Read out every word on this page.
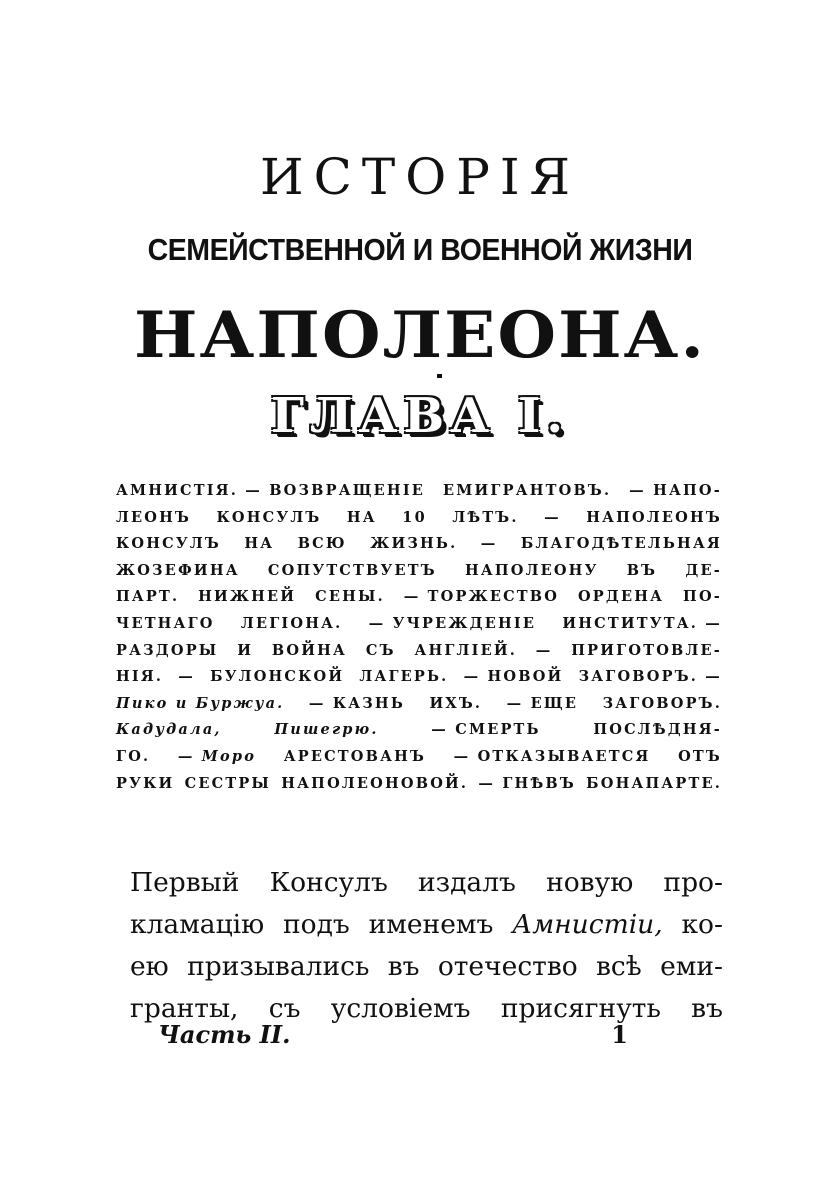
ИСТОРІЯ
СЕМЕЙСТВЕННОЙ И ВОЕННОЙ ЖИЗНИ
НАПОЛЕОНА.
ГЛАВА I.
АМНИСТІЯ. — ВОЗВРАЩЕНІЕ ЕМИГРАНТОВЪ. — НАПО-
ЛЕОНЪ КОНСУЛЪ НА 10 ЛѢТЪ. — НАПОЛЕОНЪ
КОНСУЛЪ НА ВСЮ ЖИЗНЬ. — БЛАГОДѢТЕЛЬНАЯ
ЖОЗЕФИНА СОПУТСТВУЕТЪ НАПОЛЕОНУ ВЪ ДЕ-
ПАРТ. НИЖНЕЙ СЕНЫ. — ТОРЖЕСТВО ОРДЕНА ПО-
ЧЕТНАГО ЛЕГІОНА. — УЧРЕЖДЕНІЕ ИНСТИТУТА. —
РАЗДОРЫ И ВОЙНА СЪ АНГЛІЕЙ. — ПРИГОТОВЛЕ-
НІЯ. — БУЛОНСКОЙ ЛАГЕРЬ. — НОВОЙ ЗАГОВОРЪ. —
Пико и Буржуа. — КАЗНЬ ИХЪ. — ЕЩЕ ЗАГОВОРЪ.
Кадудала,	Пишегрю.	— СМЕРТЬ	ПОСЛѢДНЯ-
ГО. — Моро АРЕСТОВАНЪ — ОТКАЗЫВАЕТСЯ ОТЪ
РУКИ СЕСТРЫ НАПОЛЕОНОВОЙ. — ГНѢВЪ БОНАПАРТЕ.
Первый Консулъ издалъ новую про-
кламацію подъ именемъ Амнистіи, ко-
ею призывались въ отечество всѣ еми-
гранты, съ условіемъ присягнуть въ
Часть II.	1
